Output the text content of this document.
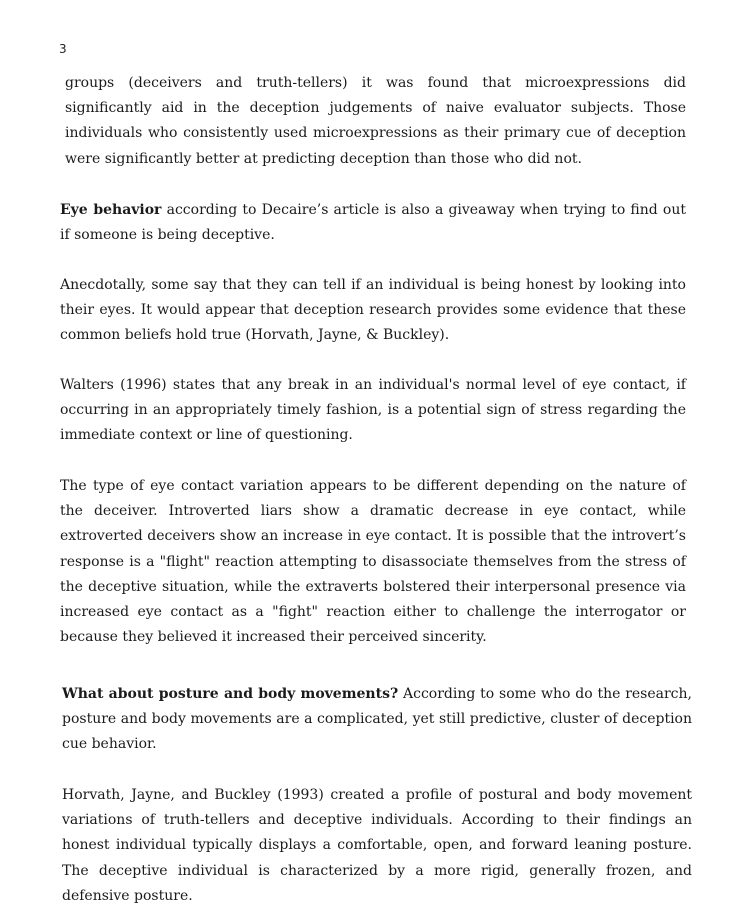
3

groups (deceivers and truth-tellers) it was found that microexpressions did significantly aid in the deception judgements of naive evaluator subjects. Those individuals who consistently used microexpressions as their primary cue of deception were significantly better at predicting deception than those who did not.

Eye behavior according to Decaire’s article is also a giveaway when trying to find out if someone is being deceptive.

Anecdotally, some say that they can tell if an individual is being honest by looking into their eyes. It would appear that deception research provides some evidence that these common beliefs hold true (Horvath, Jayne, & Buckley).

Walters (1996) states that any break in an individual's normal level of eye contact, if occurring in an appropriately timely fashion, is a potential sign of stress regarding the immediate context or line of questioning.

The type of eye contact variation appears to be different depending on the nature of the deceiver. Introverted liars show a dramatic decrease in eye contact, while extroverted deceivers show an increase in eye contact. It is possible that the introvert’s response is a "flight" reaction attempting to disassociate themselves from the stress of the deceptive situation, while the extraverts bolstered their interpersonal presence via increased eye contact as a "fight" reaction either to challenge the interrogator or because they believed it increased their perceived sincerity.

What about posture and body movements? According to some who do the research, posture and body movements are a complicated, yet still predictive, cluster of deception cue behavior.

Horvath, Jayne, and Buckley (1993) created a profile of postural and body movement variations of truth-tellers and deceptive individuals. According to their findings an honest individual typically displays a comfortable, open, and forward leaning posture. The deceptive individual is characterized by a more rigid, generally frozen, and defensive posture.
